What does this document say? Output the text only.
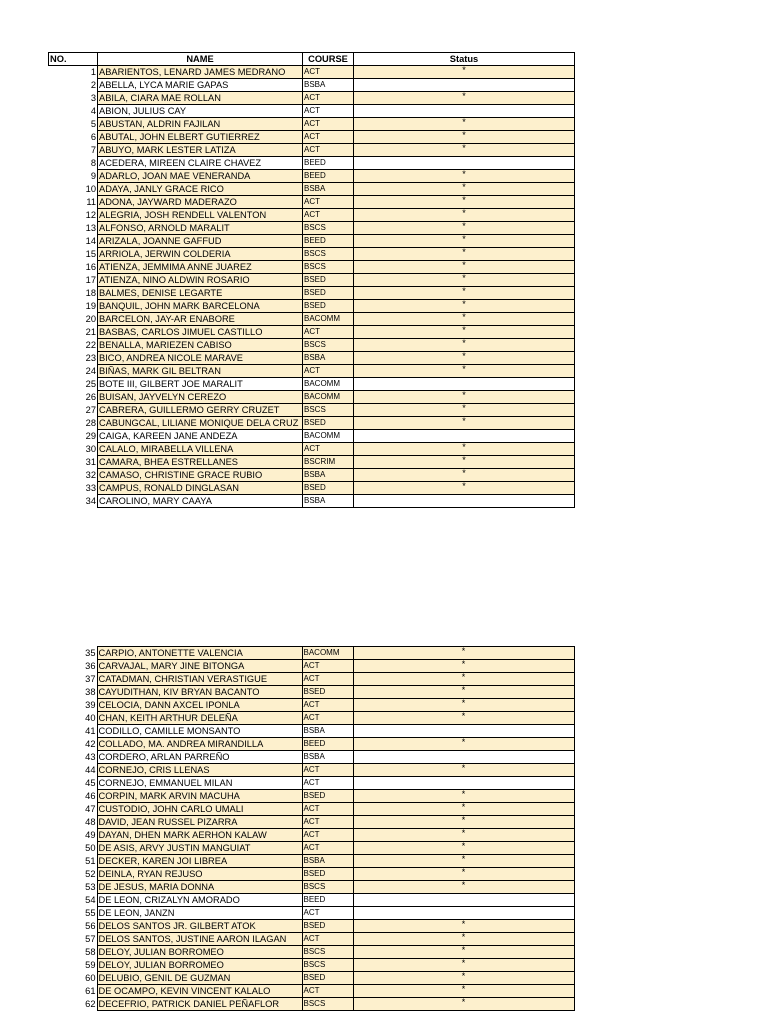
NO.	NAME	COURSE	Status
1	ABARIENTOS, LENARD JAMES MEDRANO	ACT	*
2	ABELLA, LYCA MARIE GAPAS	BSBA	
3	ABILA, CIARA MAE ROLLAN	ACT	*
4	ABION, JULIUS CAY	ACT	
5	ABUSTAN, ALDRIN FAJILAN	ACT	*
6	ABUTAL, JOHN ELBERT GUTIERREZ	ACT	*
7	ABUYO, MARK LESTER LATIZA	ACT	*
8	ACEDERA, MIREEN CLAIRE CHAVEZ	BEED	
9	ADARLO, JOAN MAE VENERANDA	BEED	*
10	ADAYA, JANLY GRACE RICO	BSBA	*
11	ADONA, JAYWARD MADERAZO	ACT	*
12	ALEGRIA, JOSH RENDELL VALENTON	ACT	*
13	ALFONSO, ARNOLD MARALIT	BSCS	*
14	ARIZALA, JOANNE GAFFUD	BEED	*
15	ARRIOLA, JERWIN COLDERIA	BSCS	*
16	ATIENZA, JEMMIMA ANNE JUAREZ	BSCS	*
17	ATIENZA, NINO ALDWIN ROSARIO	BSED	*
18	BALMES, DENISE LEGARTE	BSED	*
19	BANQUIL, JOHN MARK BARCELONA	BSED	*
20	BARCELON, JAY-AR ENABORE	BACOMM	*
21	BASBAS, CARLOS JIMUEL CASTILLO	ACT	*
22	BENALLA, MARIEZEN CABISO	BSCS	*
23	BICO, ANDREA NICOLE MARAVE	BSBA	*
24	BIÑAS, MARK GIL BELTRAN	ACT	*
25	BOTE III, GILBERT JOE MARALIT	BACOMM	
26	BUISAN, JAYVELYN CEREZO	BACOMM	*
27	CABRERA, GUILLERMO GERRY CRUZET	BSCS	*
28	CABUNGCAL, LILIANE MONIQUE DELA CRUZ	BSED	*
29	CAIGA, KAREEN JANE ANDEZA	BACOMM	
30	CALALO, MIRABELLA VILLENA	ACT	*
31	CAMARA, BHEA ESTRELLANES	BSCRIM	*
32	CAMASO, CHRISTINE GRACE RUBIO	BSBA	*
33	CAMPUS, RONALD DINGLASAN	BSED	*
34	CAROLINO, MARY CAAYA	BSBA	
35	CARPIO, ANTONETTE VALENCIA	BACOMM	*
36	CARVAJAL, MARY JINE BITONGA	ACT	*
37	CATADMAN, CHRISTIAN VERASTIGUE	ACT	*
38	CAYUDITHAN, KIV BRYAN BACANTO	BSED	*
39	CELOCIA, DANN AXCEL IPONLA	ACT	*
40	CHAN, KEITH ARTHUR DELEÑA	ACT	*
41	CODILLO, CAMILLE MONSANTO	BSBA	
42	COLLADO, MA. ANDREA MIRANDILLA	BEED	*
43	CORDERO, ARLAN PARREÑO	BSBA	
44	CORNEJO, CRIS LLENAS	ACT	*
45	CORNEJO, EMMANUEL MILAN	ACT	
46	CORPIN, MARK ARVIN MACUHA	BSED	*
47	CUSTODIO, JOHN CARLO UMALI	ACT	*
48	DAVID, JEAN RUSSEL PIZARRA	ACT	*
49	DAYAN, DHEN MARK AERHON KALAW	ACT	*
50	DE ASIS, ARVY JUSTIN MANGUIAT	ACT	*
51	DECKER, KAREN JOI LIBREA	BSBA	*
52	DEINLA, RYAN REJUSO	BSED	*
53	DE JESUS, MARIA DONNA	BSCS	*
54	DE LEON, CRIZALYN AMORADO	BEED	
55	DE LEON, JANZN	ACT	
56	DELOS SANTOS JR. GILBERT ATOK	BSED	*
57	DELOS SANTOS, JUSTINE AARON ILAGAN	ACT	*
58	DELOY, JULIAN BORROMEO	BSCS	*
59	DELOY, JULIAN BORROMEO	BSCS	*
60	DELUBIO, GENIL DE GUZMAN	BSED	*
61	DE OCAMPO, KEVIN VINCENT KALALO	ACT	*
62	DECEFRIO, PATRICK DANIEL PEÑAFLOR	BSCS	*
